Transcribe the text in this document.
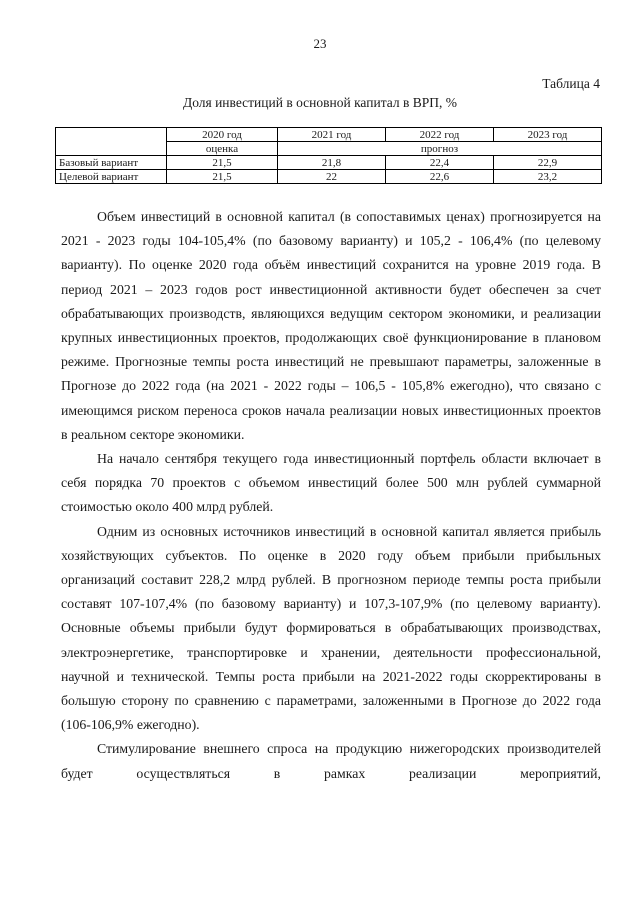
23
Таблица 4
Доля инвестиций в основной капитал в ВРП, %
	2020 год	2021 год	2022 год	2023 год
	оценка	прогноз		
Базовый вариант	21,5	21,8	22,4	22,9
Целевой вариант	21,5	22	22,6	23,2

Объем инвестиций в основной капитал (в сопоставимых ценах) прогнозируется на 2021 - 2023 годы 104-105,4% (по базовому варианту) и 105,2 - 106,4% (по целевому варианту). По оценке 2020 года объём инвестиций сохранится на уровне 2019 года. В период 2021 – 2023 годов рост инвестиционной активности будет обеспечен за счет обрабатывающих производств, являющихся ведущим сектором экономики, и реализации крупных инвестиционных проектов, продолжающих своё функционирование в плановом режиме. Прогнозные темпы роста инвестиций не превышают параметры, заложенные в Прогнозе до 2022 года (на 2021 - 2022 годы – 106,5 - 105,8% ежегодно), что связано с имеющимся риском переноса сроков начала реализации новых инвестиционных проектов в реальном секторе экономики.

На начало сентября текущего года инвестиционный портфель области включает в себя порядка 70 проектов с объемом инвестиций более 500 млн рублей суммарной стоимостью около 400 млрд рублей.

Одним из основных источников инвестиций в основной капитал является прибыль хозяйствующих субъектов. По оценке в 2020 году объем прибыли прибыльных организаций составит 228,2 млрд рублей. В прогнозном периоде темпы роста прибыли составят 107-107,4% (по базовому варианту) и 107,3-107,9% (по целевому варианту). Основные объемы прибыли будут формироваться в обрабатывающих производствах, электроэнергетике, транспортировке и хранении, деятельности профессиональной, научной и технической. Темпы роста прибыли на 2021-2022 годы скорректированы в большую сторону по сравнению с параметрами, заложенными в Прогнозе до 2022 года (106-106,9% ежегодно).

Стимулирование внешнего спроса на продукцию нижегородских производителей будет осуществляться в рамках реализации мероприятий,
